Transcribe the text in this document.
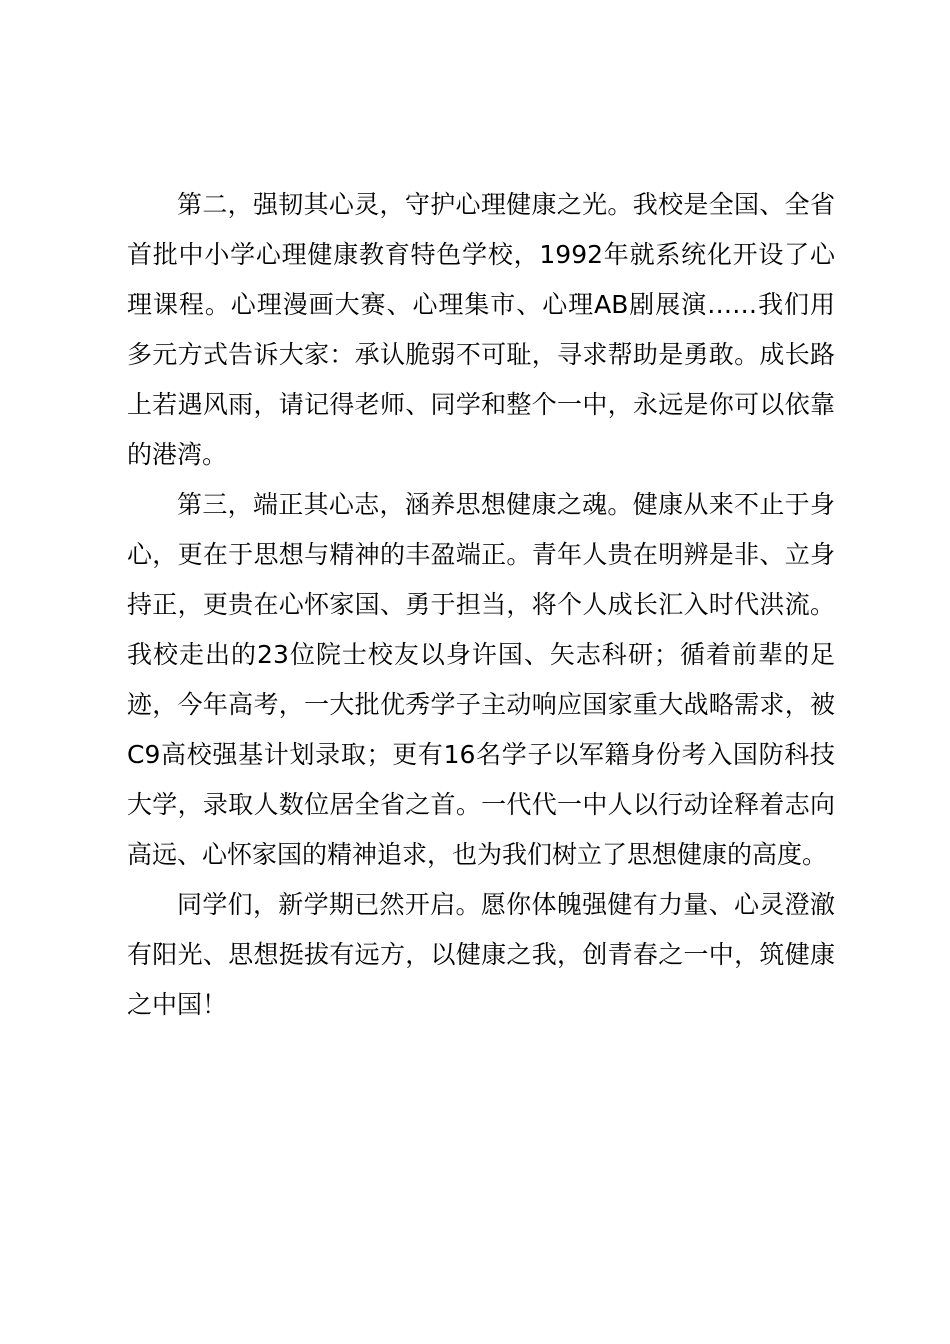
第二，强韧其心灵，守护心理健康之光。我校是全国、全省首批中小学心理健康教育特色学校，1992年就系统化开设了心理课程。心理漫画大赛、心理集市、心理AB剧展演……我们用多元方式告诉大家：承认脆弱不可耻，寻求帮助是勇敢。成长路上若遇风雨，请记得老师、同学和整个一中，永远是你可以依靠的港湾。

第三，端正其心志，涵养思想健康之魂。健康从来不止于身心，更在于思想与精神的丰盈端正。青年人贵在明辨是非、立身持正，更贵在心怀家国、勇于担当，将个人成长汇入时代洪流。我校走出的23位院士校友以身许国、矢志科研；循着前辈的足迹，今年高考，一大批优秀学子主动响应国家重大战略需求，被C9高校强基计划录取；更有16名学子以军籍身份考入国防科技大学，录取人数位居全省之首。一代代一中人以行动诠释着志向高远、心怀家国的精神追求，也为我们树立了思想健康的高度。

同学们，新学期已然开启。愿你体魄强健有力量、心灵澄澈有阳光、思想挺拔有远方，以健康之我，创青春之一中，筑健康之中国！
